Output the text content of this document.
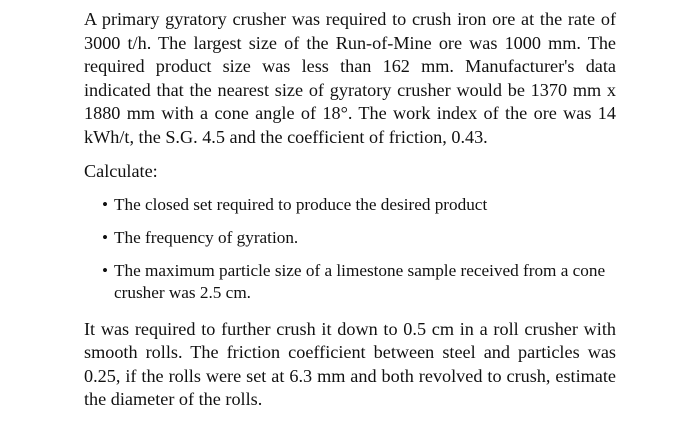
A primary gyratory crusher was required to crush iron ore at the rate of 3000 t/h. The largest size of the Run-of-Mine ore was 1000 mm. The required product size was less than 162 mm. Manufacturer's data indicated that the nearest size of gyratory crusher would be 1370 mm x 1880 mm with a cone angle of 18°. The work index of the ore was 14 kWh/t, the S.G. 4.5 and the coefficient of friction, 0.43.

Calculate:

• The closed set required to produce the desired product
• The frequency of gyration.
• The maximum particle size of a limestone sample received from a cone crusher was 2.5 cm.

It was required to further crush it down to 0.5 cm in a roll crusher with smooth rolls. The friction coefficient between steel and particles was 0.25, if the rolls were set at 6.3 mm and both revolved to crush, estimate the diameter of the rolls.
